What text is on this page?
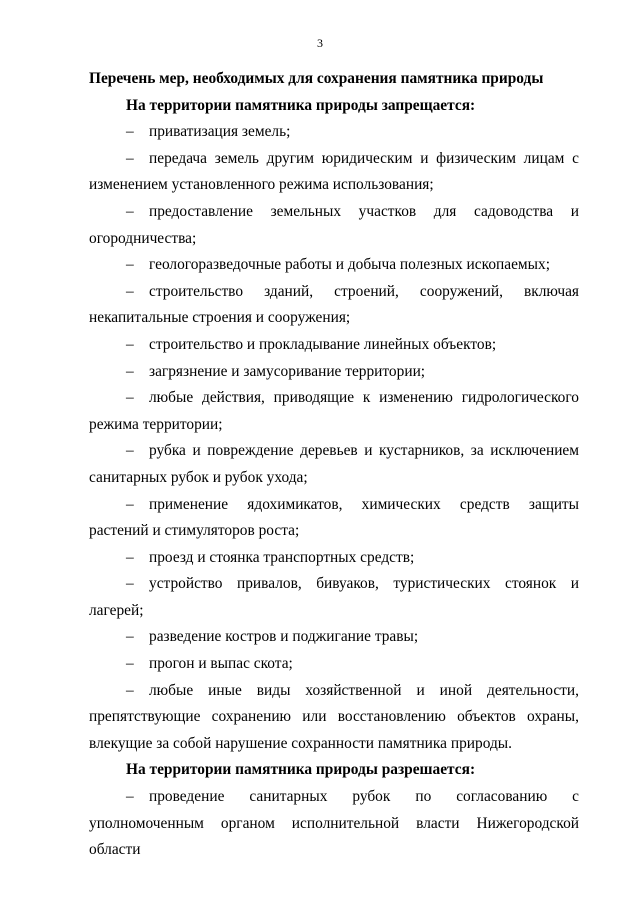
3

Перечень мер, необходимых для сохранения памятника природы

На территории памятника природы запрещается:

– приватизация земель;

– передача земель другим юридическим и физическим лицам с изменением установленного режима использования;

– предоставление земельных участков для садоводства и огородничества;

– геологоразведочные работы и добыча полезных ископаемых;

– строительство зданий, строений, сооружений, включая некапитальные строения и сооружения;

– строительство и прокладывание линейных объектов;

– загрязнение и замусоривание территории;

– любые действия, приводящие к изменению гидрологического режима территории;

– рубка и повреждение деревьев и кустарников, за исключением санитарных рубок и рубок ухода;

– применение ядохимикатов, химических средств защиты растений и стимуляторов роста;

– проезд и стоянка транспортных средств;

– устройство привалов, бивуаков, туристических стоянок и лагерей;

– разведение костров и поджигание травы;

– прогон и выпас скота;

– любые иные виды хозяйственной и иной деятельности, препятствующие сохранению или восстановлению объектов охраны, влекущие за собой нарушение сохранности памятника природы.

На территории памятника природы разрешается:

– проведение санитарных рубок по согласованию с уполномоченным органом исполнительной власти Нижегородской области
